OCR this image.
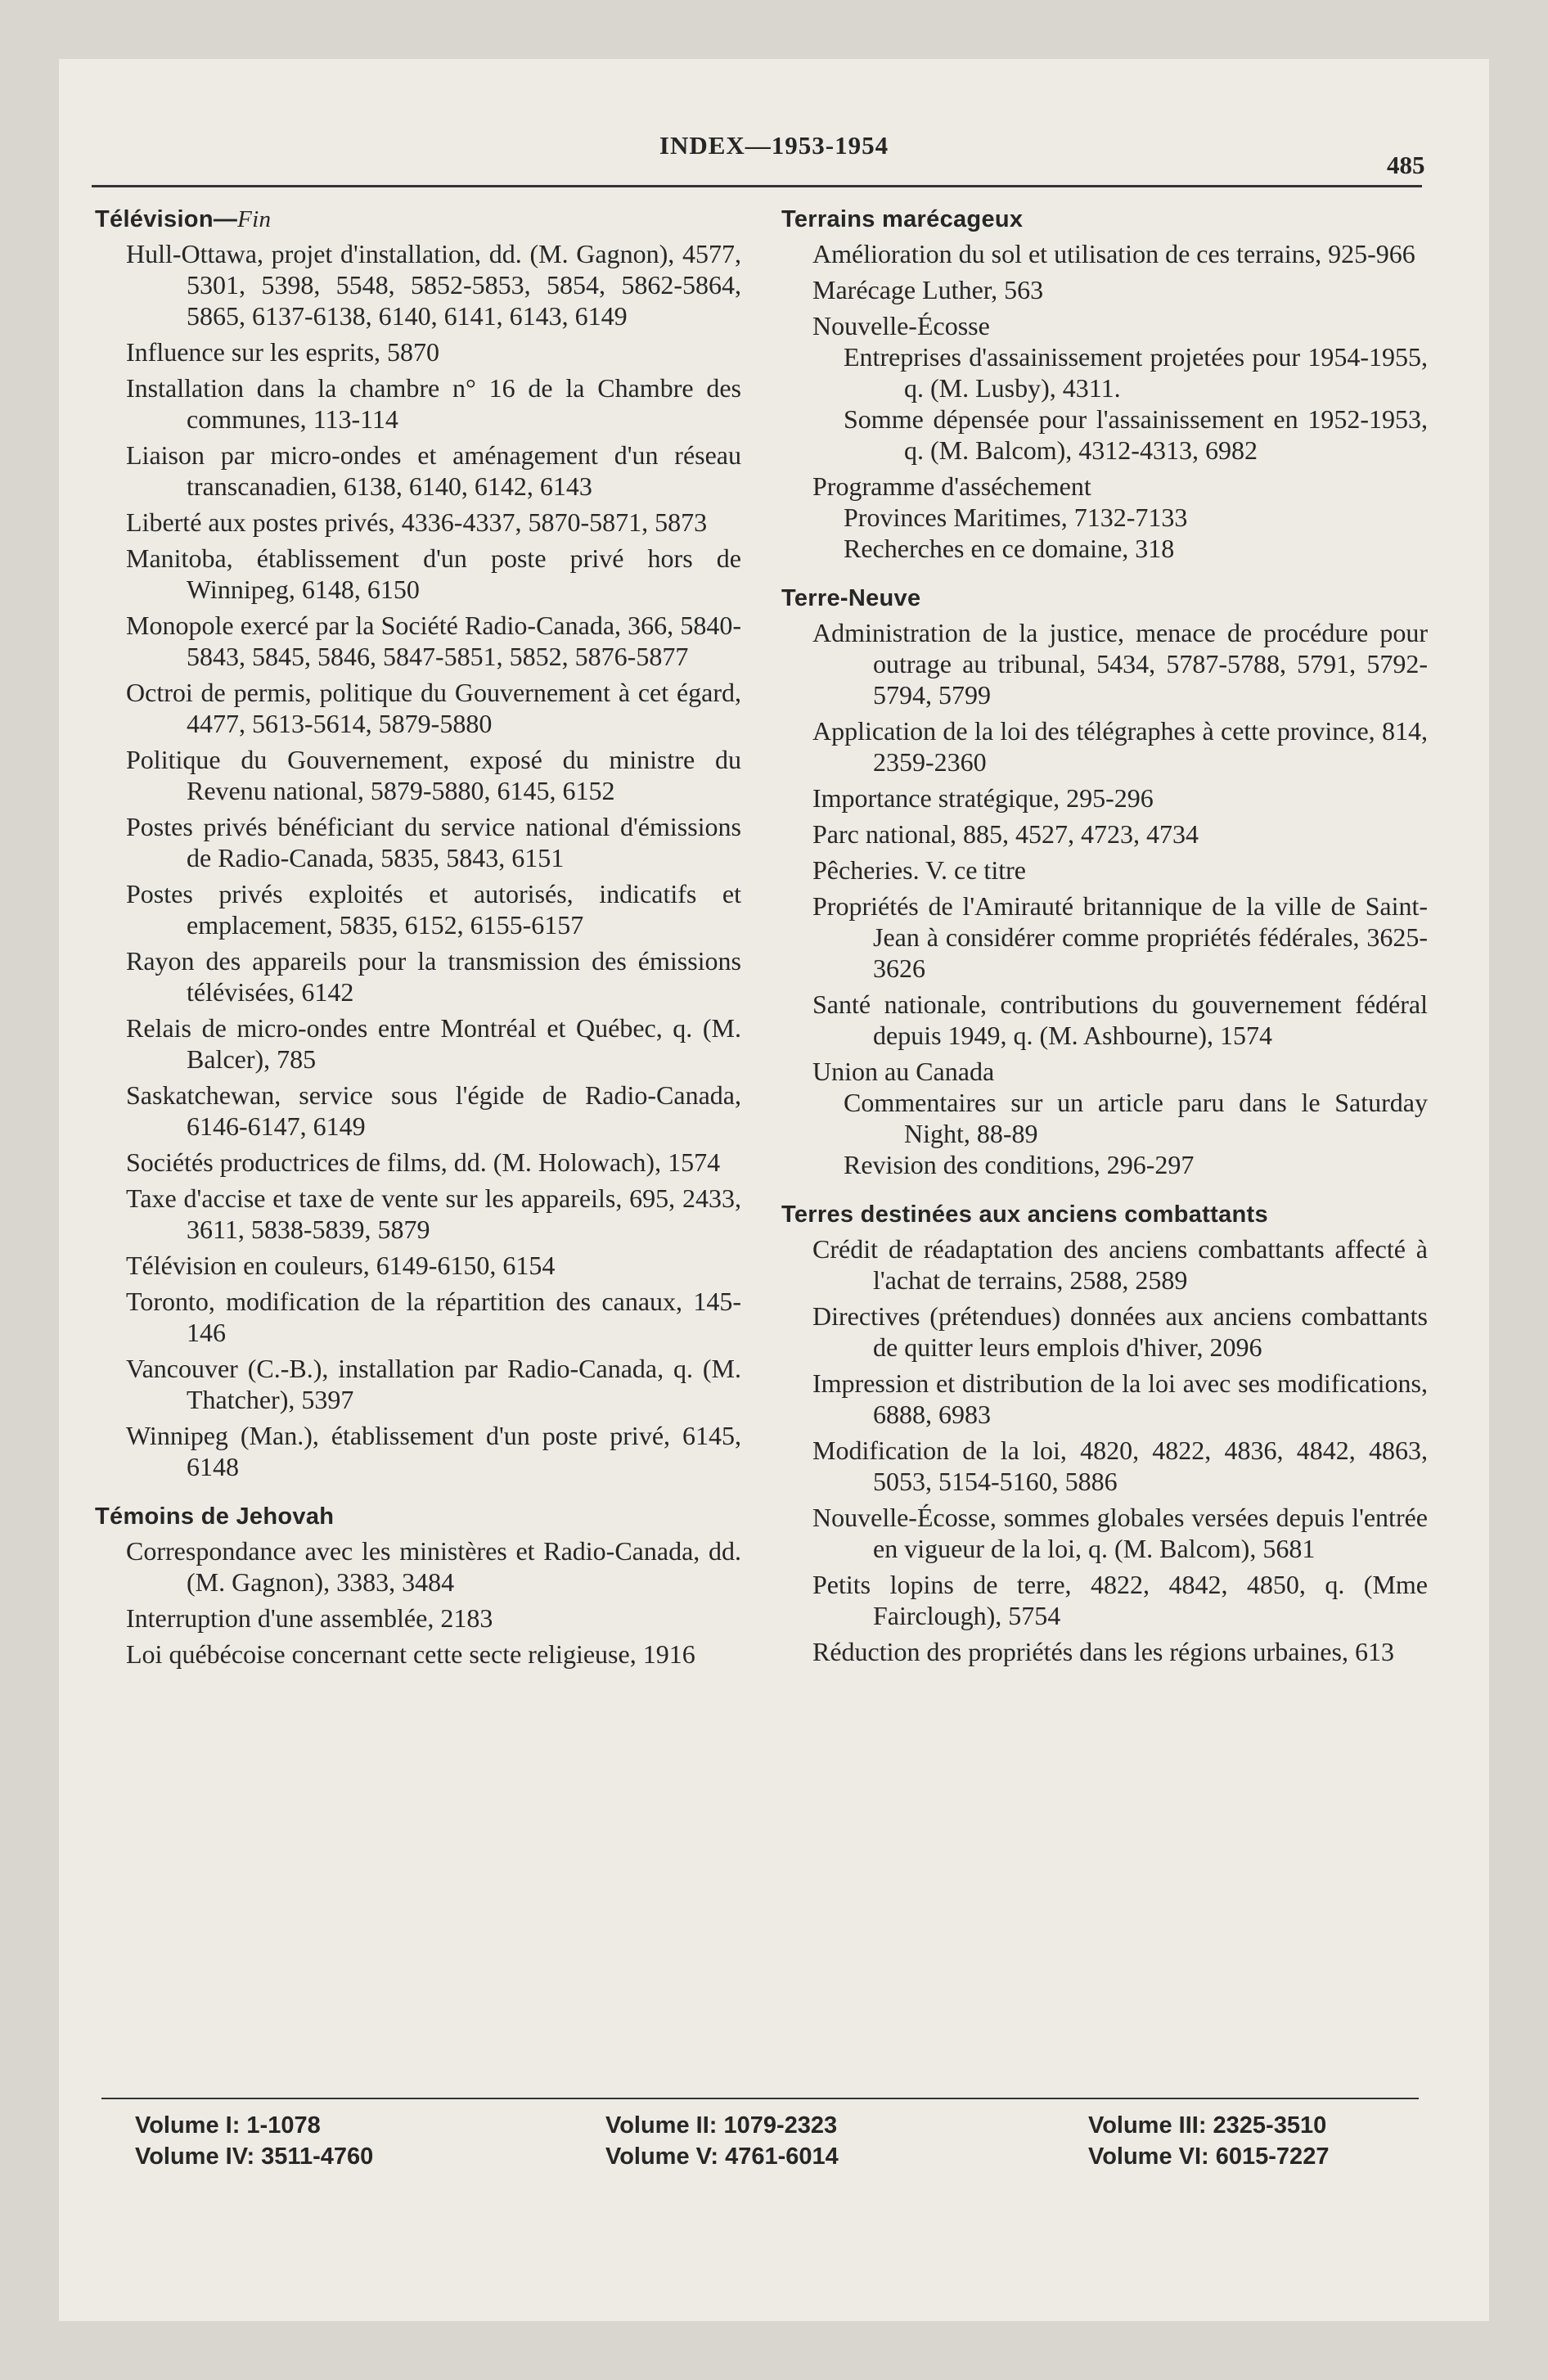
INDEX—1953-1954
485
Télévision—Fin
Hull-Ottawa, projet d'installation, dd. (M. Gagnon), 4577, 5301, 5398, 5548, 5852-5853, 5854, 5862-5864, 5865, 6137-6138, 6140, 6141, 6143, 6149
Influence sur les esprits, 5870
Installation dans la chambre n° 16 de la Chambre des communes, 113-114
Liaison par micro-ondes et aménagement d'un réseau transcanadien, 6138, 6140, 6142, 6143
Liberté aux postes privés, 4336-4337, 5870-5871, 5873
Manitoba, établissement d'un poste privé hors de Winnipeg, 6148, 6150
Monopole exercé par la Société Radio-Canada, 366, 5840-5843, 5845, 5846, 5847-5851, 5852, 5876-5877
Octroi de permis, politique du Gouvernement à cet égard, 4477, 5613-5614, 5879-5880
Politique du Gouvernement, exposé du ministre du Revenu national, 5879-5880, 6145, 6152
Postes privés bénéficiant du service national d'émissions de Radio-Canada, 5835, 5843, 6151
Postes privés exploités et autorisés, indicatifs et emplacement, 5835, 6152, 6155-6157
Rayon des appareils pour la transmission des émissions télévisées, 6142
Relais de micro-ondes entre Montréal et Québec, q. (M. Balcer), 785
Saskatchewan, service sous l'égide de Radio-Canada, 6146-6147, 6149
Sociétés productrices de films, dd. (M. Holowach), 1574
Taxe d'accise et taxe de vente sur les appareils, 695, 2433, 3611, 5838-5839, 5879
Télévision en couleurs, 6149-6150, 6154
Toronto, modification de la répartition des canaux, 145-146
Vancouver (C.-B.), installation par Radio-Canada, q. (M. Thatcher), 5397
Winnipeg (Man.), établissement d'un poste privé, 6145, 6148
Témoins de Jehovah
Correspondance avec les ministères et Radio-Canada, dd. (M. Gagnon), 3383, 3484
Interruption d'une assemblée, 2183
Loi québécoise concernant cette secte religieuse, 1916
Terrains marécageux
Amélioration du sol et utilisation de ces terrains, 925-966
Marécage Luther, 563
Nouvelle-Écosse
Entreprises d'assainissement projetées pour 1954-1955, q. (M. Lusby), 4311.
Somme dépensée pour l'assainissement en 1952-1953, q. (M. Balcom), 4312-4313, 6982
Programme d'asséchement
Provinces Maritimes, 7132-7133
Recherches en ce domaine, 318
Terre-Neuve
Administration de la justice, menace de procédure pour outrage au tribunal, 5434, 5787-5788, 5791, 5792-5794, 5799
Application de la loi des télégraphes à cette province, 814, 2359-2360
Importance stratégique, 295-296
Parc national, 885, 4527, 4723, 4734
Pêcheries. V. ce titre
Propriétés de l'Amirauté britannique de la ville de Saint-Jean à considérer comme propriétés fédérales, 3625-3626
Santé nationale, contributions du gouvernement fédéral depuis 1949, q. (M. Ashbourne), 1574
Union au Canada
Commentaires sur un article paru dans le Saturday Night, 88-89
Revision des conditions, 296-297
Terres destinées aux anciens combattants
Crédit de réadaptation des anciens combattants affecté à l'achat de terrains, 2588, 2589
Directives (prétendues) données aux anciens combattants de quitter leurs emplois d'hiver, 2096
Impression et distribution de la loi avec ses modifications, 6888, 6983
Modification de la loi, 4820, 4822, 4836, 4842, 4863, 5053, 5154-5160, 5886
Nouvelle-Écosse, sommes globales versées depuis l'entrée en vigueur de la loi, q. (M. Balcom), 5681
Petits lopins de terre, 4822, 4842, 4850, q. (Mme Fairclough), 5754
Réduction des propriétés dans les régions urbaines, 613
Volume I: 1-1078
Volume IV: 3511-4760
Volume II: 1079-2323
Volume V: 4761-6014
Volume III: 2325-3510
Volume VI: 6015-7227
